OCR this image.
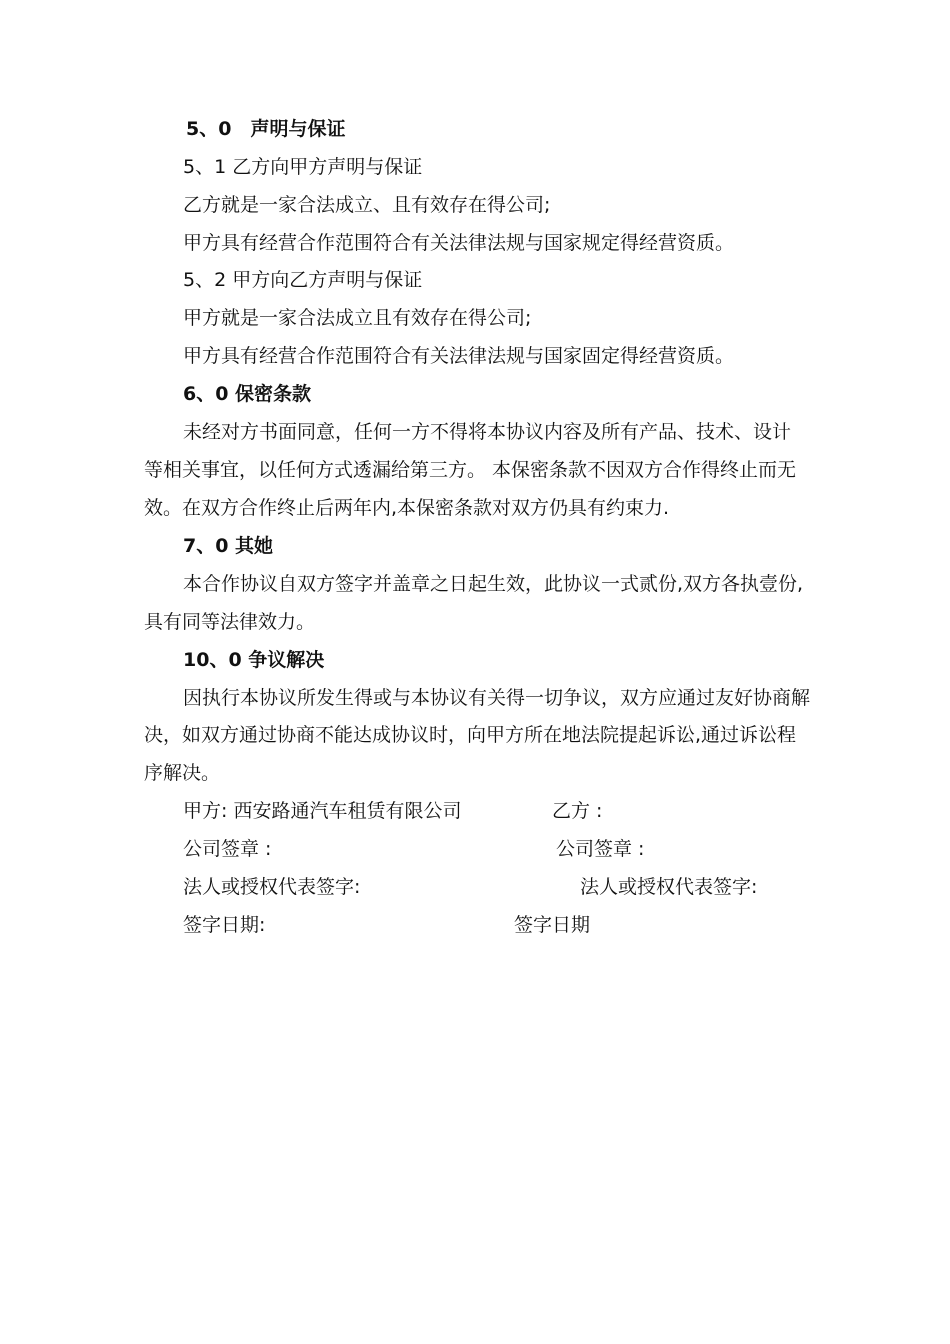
5、0　声明与保证
5、1 乙方向甲方声明与保证
乙方就是一家合法成立、且有效存在得公司;
甲方具有经营合作范围符合有关法律法规与国家规定得经营资质。
5、2 甲方向乙方声明与保证
甲方就是一家合法成立且有效存在得公司;
甲方具有经营合作范围符合有关法律法规与国家固定得经营资质。
6、0 保密条款
未经对方书面同意，任何一方不得将本协议内容及所有产品、技术、设计
等相关事宜，以任何方式透漏给第三方。 本保密条款不因双方合作得终止而无
效。在双方合作终止后两年内,本保密条款对双方仍具有约束力.
7、0 其她
本合作协议自双方签字并盖章之日起生效，此协议一式贰份,双方各执壹份,
具有同等法律效力。
10、0 争议解决
因执行本协议所发生得或与本协议有关得一切争议，双方应通过友好协商解
决，如双方通过协商不能达成协议时，向甲方所在地法院提起诉讼,通过诉讼程
序解决。
甲方: 西安路通汽车租赁有限公司	乙方 :
公司签章 :	公司签章 :
法人或授权代表签字:	法人或授权代表签字:
签字日期:	签字日期
